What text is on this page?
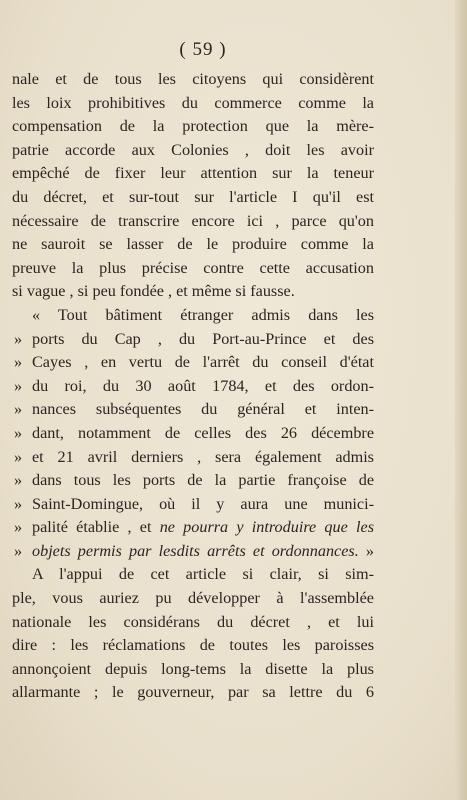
( 59 )
nale et de tous les citoyens qui considèrent
les loix prohibitives du commerce comme la
compensation de la protection que la mère-
patrie accorde aux Colonies , doit les avoir
empêché de fixer leur attention sur la teneur
du décret, et sur-tout sur l'article I qu'il est
nécessaire de transcrire encore ici , parce qu'on
ne sauroit se lasser de le produire comme la
preuve la plus précise contre cette accusation
si vague , si peu fondée , et même si fausse.
« Tout bâtiment étranger admis dans les
» ports du Cap , du Port-au-Prince et des
» Cayes , en vertu de l'arrêt du conseil d'état
» du roi, du 30 août 1784, et des ordon-
» nances subséquentes du général et inten-
» dant, notamment de celles des 26 décembre
» et 21 avril derniers , sera également admis
» dans tous les ports de la partie françoise de
» Saint-Domingue, où il y aura une munici-
» palité établie , et ne pourra y introduire que les
» objets permis par lesdits arrêts et ordonnances. »
A l'appui de cet article si clair, si sim-
ple, vous auriez pu développer à l'assemblée
nationale les considérans du décret , et lui
dire : les réclamations de toutes les paroisses
annonçoient depuis long-tems la disette la plus
allarmante ; le gouverneur, par sa lettre du 6
